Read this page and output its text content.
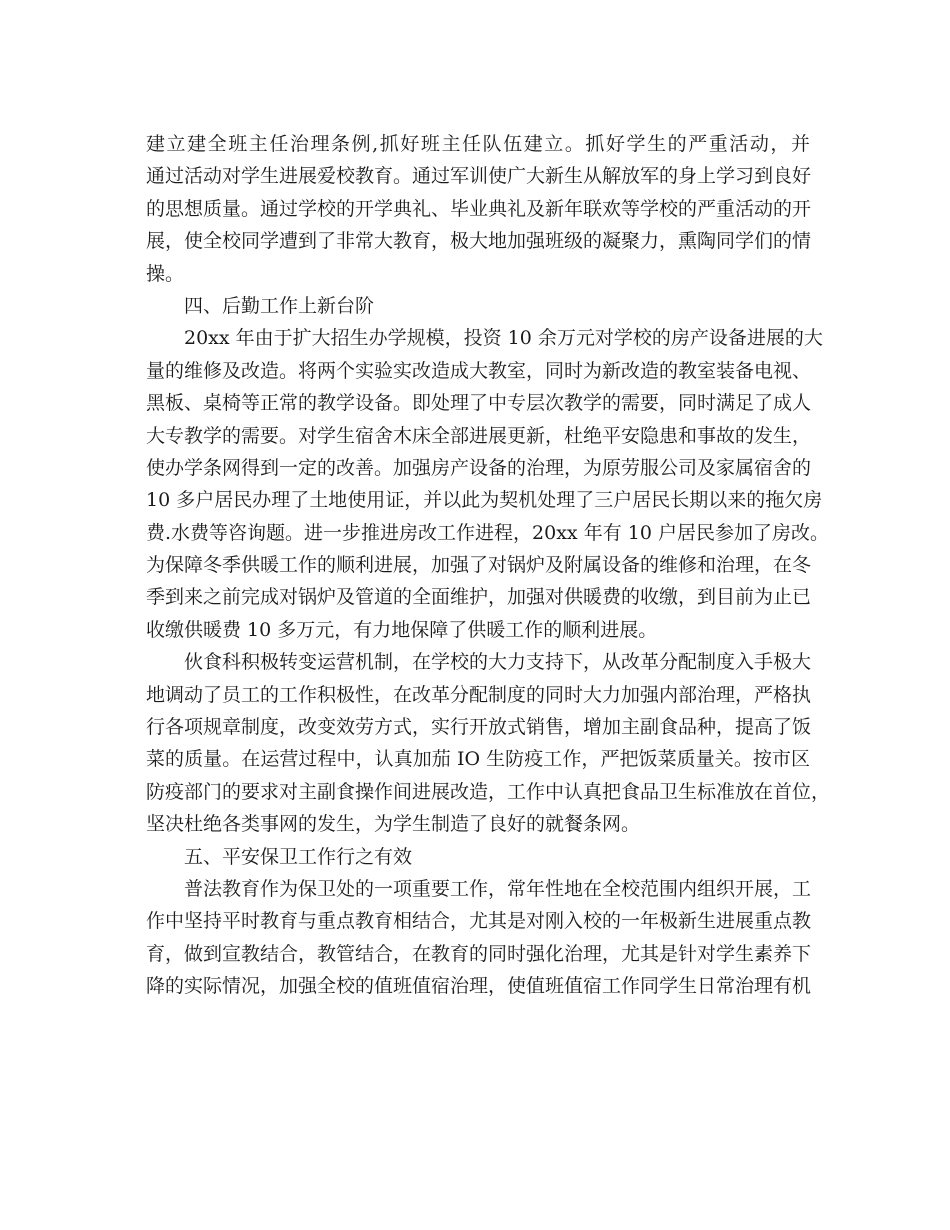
建立建全班主任治理条例,抓好班主任队伍建立。抓好学生的严重活动，并
通过活动对学生进展爱校教育。通过军训使广大新生从解放军的身上学习到良好
的思想质量。通过学校的开学典礼、毕业典礼及新年联欢等学校的严重活动的开
展，使全校同学遭到了非常大教育，极大地加强班级的凝聚力，熏陶同学们的情
操。
四、后勤工作上新台阶
20xx 年由于扩大招生办学规模，投资 10 余万元对学校的房产设备进展的大
量的维修及改造。将两个实验实改造成大教室，同时为新改造的教室装备电视、
黑板、桌椅等正常的教学设备。即处理了中专层次教学的需要，同时满足了成人
大专教学的需要。对学生宿舍木床全部进展更新，杜绝平安隐患和事故的发生，
使办学条网得到一定的改善。加强房产设备的治理，为原劳服公司及家属宿舍的
10 多户居民办理了土地使用证，并以此为契机处理了三户居民长期以来的拖欠房
费.水费等咨询题。进一步推进房改工作进程，20xx 年有 10 户居民参加了房改。
为保障冬季供暖工作的顺利进展，加强了对锅炉及附属设备的维修和治理，在冬
季到来之前完成对锅炉及管道的全面维护，加强对供暖费的收缴，到目前为止已
收缴供暖费 10 多万元，有力地保障了供暖工作的顺利进展。
伙食科积极转变运营机制，在学校的大力支持下，从改革分配制度入手极大
地调动了员工的工作积极性，在改革分配制度的同时大力加强内部治理，严格执
行各项规章制度，改变效劳方式，实行开放式销售，增加主副食品种，提高了饭
菜的质量。在运营过程中，认真加茄 IO 生防疫工作，严把饭菜质量关。按市区
防疫部门的要求对主副食操作间进展改造，工作中认真把食品卫生标准放在首位，
坚决杜绝各类事网的发生，为学生制造了良好的就餐条网。
五、平安保卫工作行之有效
普法教育作为保卫处的一项重要工作，常年性地在全校范围内组织开展，工
作中坚持平时教育与重点教育相结合，尤其是对刚入校的一年极新生进展重点教
育，做到宣教结合，教管结合，在教育的同时强化治理，尤其是针对学生素养下
降的实际情况，加强全校的值班值宿治理，使值班值宿工作同学生日常治理有机
